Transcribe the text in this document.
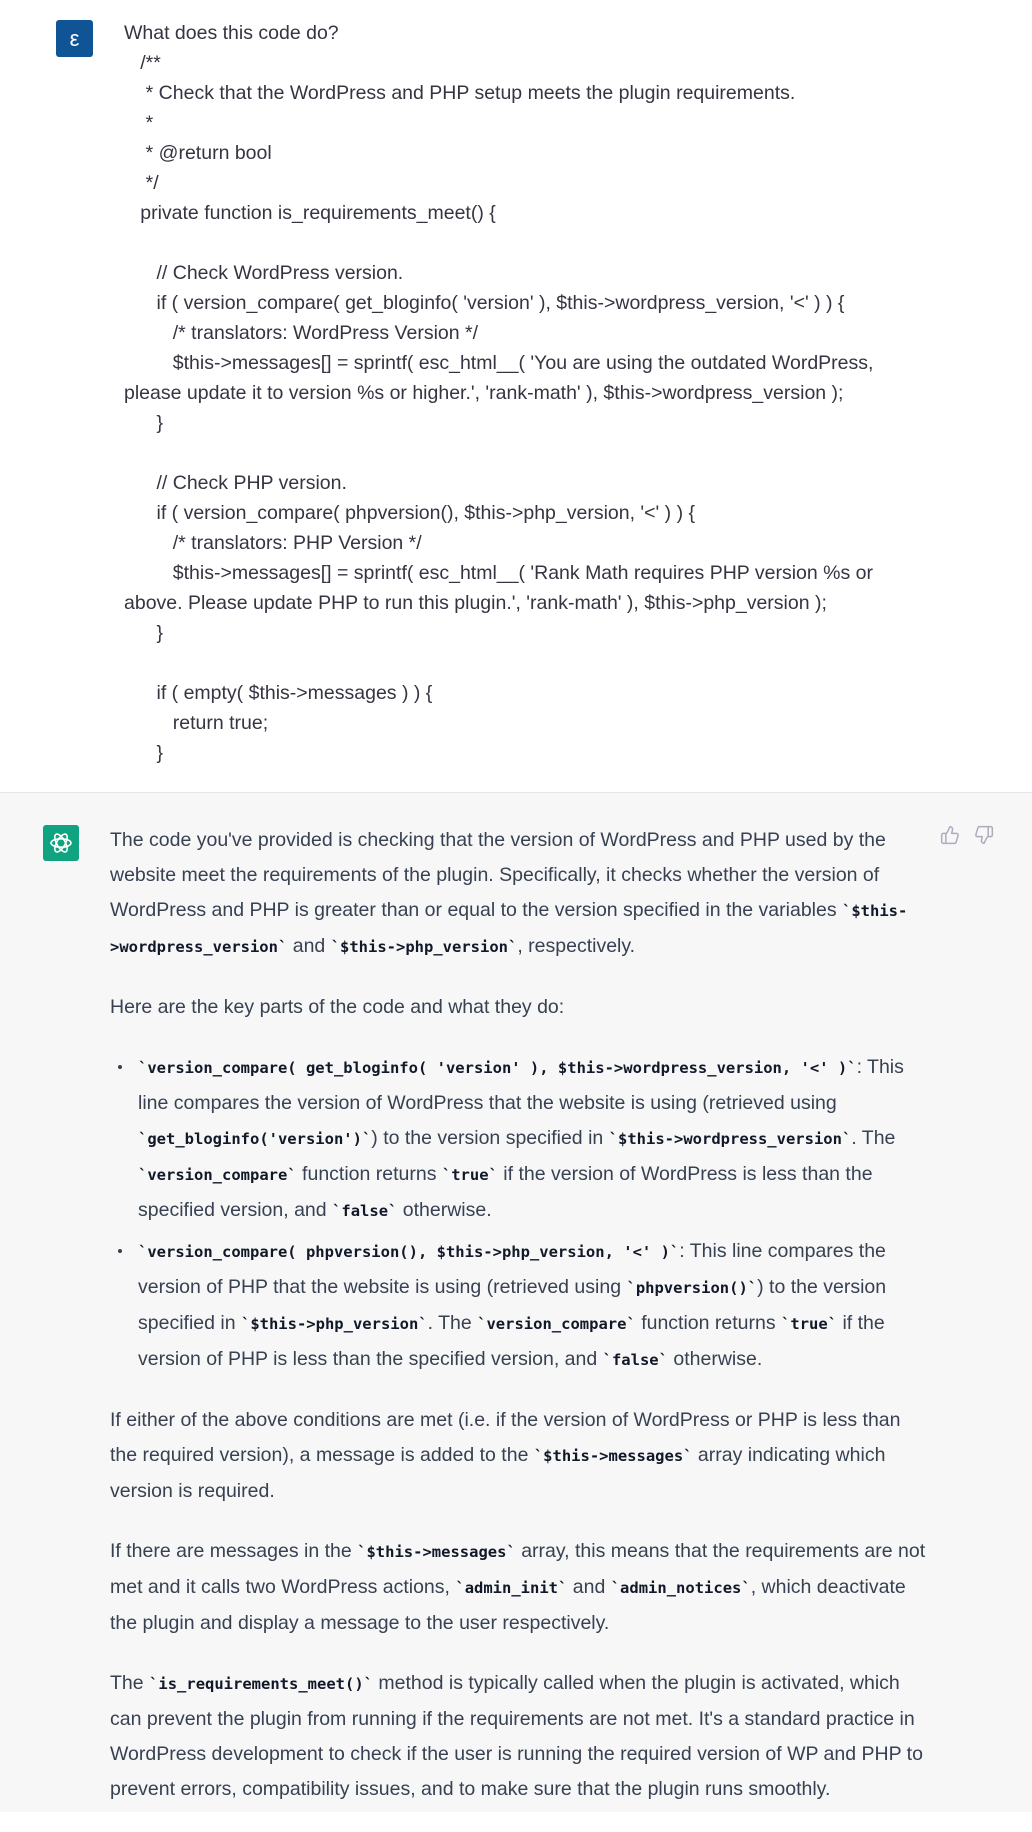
ε	What does this code do?
/**
* Check that the WordPress and PHP setup meets the plugin requirements.
*
* @return bool
*/
private function is_requirements_meet() {
// Check WordPress version.
if ( version_compare( get_bloginfo( 'version' ), $this->wordpress_version, '<' ) ) {
/* translators: WordPress Version */
$this->messages[] = sprintf( esc_html__( 'You are using the outdated WordPress,
please update it to version %s or higher.', 'rank-math' ), $this->wordpress_version );
}
// Check PHP version.
if ( version_compare( phpversion(), $this->php_version, '<' ) ) {
/* translators: PHP Version */
$this->messages[] = sprintf( esc_html__( 'Rank Math requires PHP version %s or
above. Please update PHP to run this plugin.', 'rank-math' ), $this->php_version );
}
if ( empty( $this->messages ) ) {
return true;
}

The code you've provided is checking that the version of WordPress and PHP used by the website meet the requirements of the plugin. Specifically, it checks whether the version of WordPress and PHP is greater than or equal to the version specified in the variables `$this->wordpress_version` and `$this->php_version`, respectively.

Here are the key parts of the code and what they do:

`version_compare( get_bloginfo( 'version' ), $this->wordpress_version, '<' )`: This line compares the version of WordPress that the website is using (retrieved using `get_bloginfo('version')`) to the version specified in `$this->wordpress_version`. The `version_compare` function returns `true` if the version of WordPress is less than the specified version, and `false` otherwise.
`version_compare( phpversion(), $this->php_version, '<' )`: This line compares the version of PHP that the website is using (retrieved using `phpversion()`) to the version specified in `$this->php_version`. The `version_compare` function returns `true` if the version of PHP is less than the specified version, and `false` otherwise.

If either of the above conditions are met (i.e. if the version of WordPress or PHP is less than the required version), a message is added to the `$this->messages` array indicating which version is required.

If there are messages in the `$this->messages` array, this means that the requirements are not met and it calls two WordPress actions, `admin_init` and `admin_notices`, which deactivate the plugin and display a message to the user respectively.

The `is_requirements_meet()` method is typically called when the plugin is activated, which can prevent the plugin from running if the requirements are not met. It's a standard practice in WordPress development to check if the user is running the required version of WP and PHP to prevent errors, compatibility issues, and to make sure that the plugin runs smoothly.
